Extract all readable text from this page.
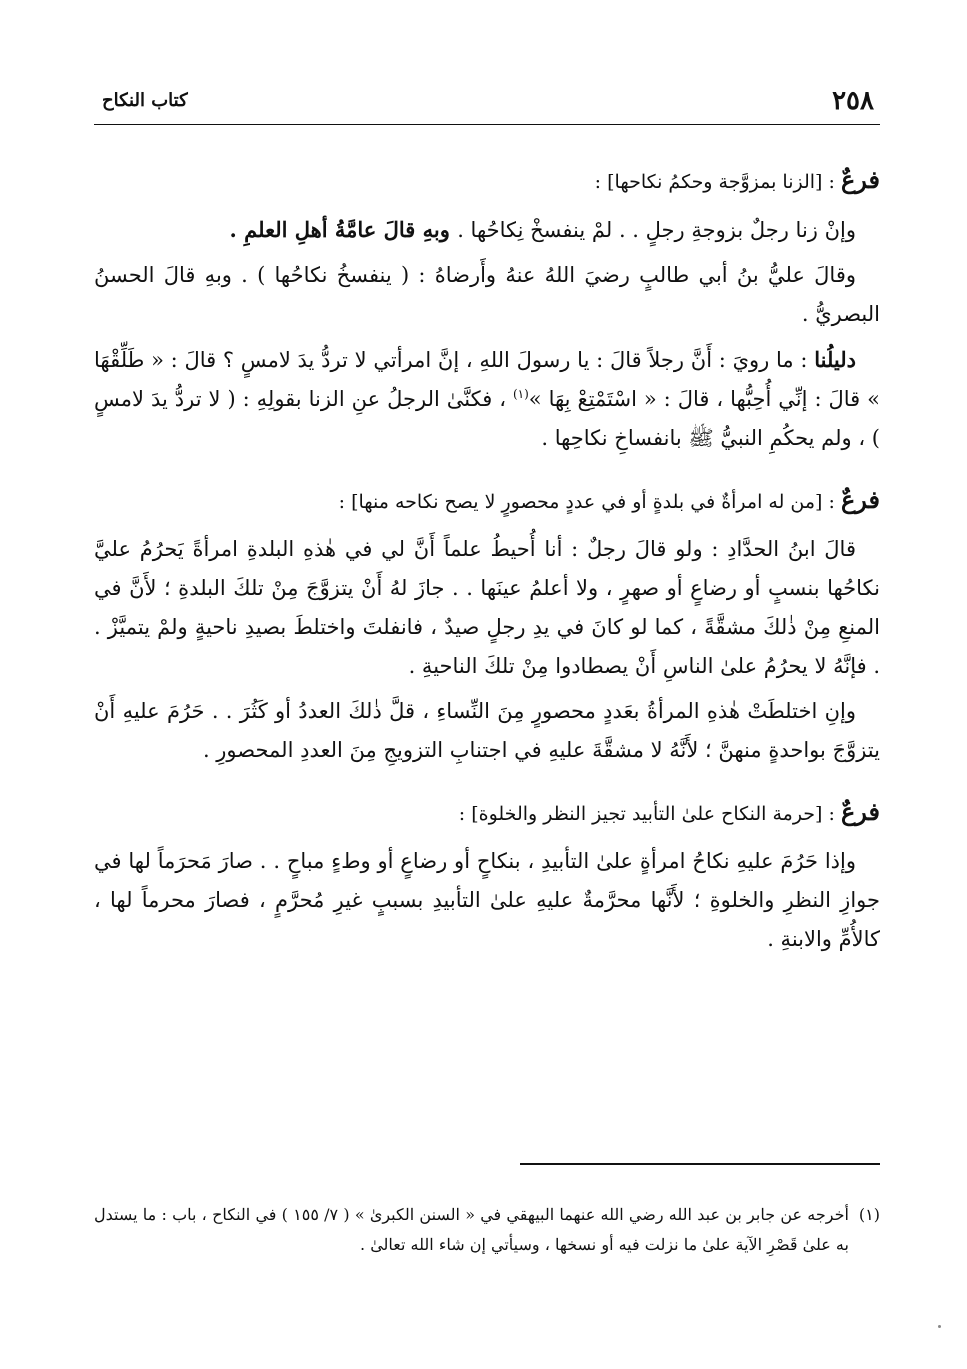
٢٥٨
كتاب النكاح

فرعٌ : [الزنا بمزوَّجة وحكمُ نكاحها] :

وإنْ زنا رجلٌ بزوجةِ رجلٍ . . لمْ ينفسخْ نِكاحُها . وبهِ قالَ عامَّةُ أهلِ العلمِ .

وقالَ عليُّ بنُ أبي طالبٍ رضيَ اللهُ عنهُ وأَرضاهُ : ( ينفسخُ نكاحُها ) . وبهِ قالَ الحسنُ البصريُّ .

دليلُنا : ما رويَ : أَنَّ رجلاً قالَ : يا رسولَ اللهِ ، إنَّ امرأتي لا تردُّ يدَ لامسٍ ؟ قالَ : « طَلِّقْهَا » قالَ : إنِّي أُحِبُّها ، قالَ : « اسْتَمْتِعْ بِهَا »$^{(١)}$ ، فكنَّىٰ الرجلُ عنِ الزنا بقولِهِ : ( لا تردُّ يدَ لامسٍ ) ، ولم يحكُمِ النبيُّ ﷺ بانفساخِ نكاحِها .

فرعٌ : [من له امرأةٌ في بلدةٍ أو في عددٍ محصورٍ لا يصح نكاحه منها] :

قالَ ابنُ الحدَّادِ : ولو قالَ رجلٌ : أنا أُحيطُ علماً أَنَّ لي في هٰذهِ البلدةِ امرأةً يَحرُمُ عليَّ نكاحُها بنسبٍ أو رضاعٍ أو صهرٍ ، ولا أعلمُ عينَها . . جازَ لهُ أَنْ يتزوَّجَ مِنْ تلكَ البلدةِ ؛ لأَنَّ في المنعِ مِنْ ذٰلكَ مشقَّةً ، كما لو كانَ في يدِ رجلٍ صيدٌ ، فانفلتَ واختلطَ بصيدِ ناحيةٍ ولمْ يتميَّزْ . . فإنَّهُ لا يحرُمُ علىٰ الناسِ أَنْ يصطادوا مِنْ تلكَ الناحيةِ .

وإنِ اختلطَتْ هٰذهِ المرأةُ بعَددٍ محصورٍ مِنَ النِّساءِ ، قلَّ ذٰلكَ العددُ أو كَثُرَ . . حَرُمَ عليهِ أَنْ يتزوَّجَ بواحدةٍ منهنَّ ؛ لأَنَّهُ لا مشقَّةَ عليهِ في اجتنابِ التزويجِ مِنَ العددِ المحصورِ .

فرعٌ : [حرمة النكاح علىٰ التأبيد تجيز النظر والخلوة] :

وإذا حَرُمَ عليهِ نكاحُ امرأةٍ علىٰ التأبيدِ ، بنكاحٍ أو رضاعٍ أو وطءٍ مباحٍ . . صارَ مَحرَماً لها في جوازِ النظرِ والخلوةِ ؛ لأَنَّها محرَّمةٌ عليهِ علىٰ التأبيدِ بسببٍ غيرِ مُحرَّمٍ ، فصارَ محرماً لها ، كالأُمِّ والابنةِ .

(١)
أخرجه عن جابر بن عبد الله رضي الله عنهما البيهقي في « السنن الكبرىٰ » ( ٧/ ١٥٥ ) في النكاح ، باب : ما يستدل به علىٰ قَصْرِ الآية علىٰ ما نزلت فيه أو نسخها ، وسيأتي إن شاء الله تعالىٰ .
